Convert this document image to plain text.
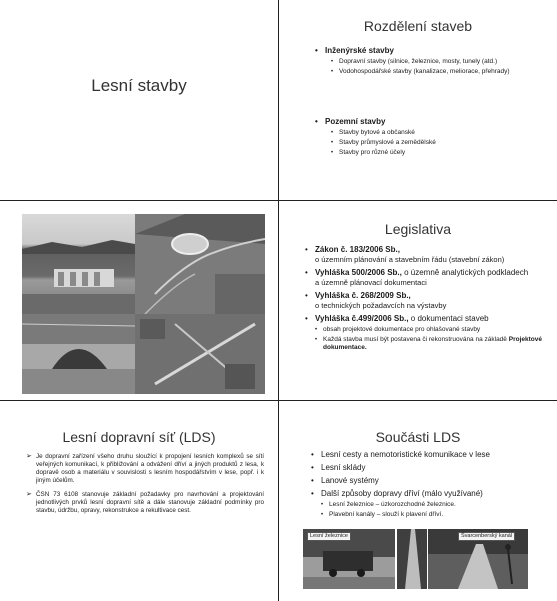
Lesní stavby
Rozdělení staveb
• Inženýrské stavby
• Dopravní stavby (silnice, železnice, mosty, tunely (atd.)
• Vodohospodářské stavby (kanalizace, meliorace, přehrady)
• Pozemní stavby
• Stavby bytové a občanské
• Stavby průmyslové a zemědělské
• Stavby pro různé účely
Legislativa
• Zákon č. 183/2006 Sb.,
o územním plánování a stavebním řádu (stavební zákon)
• Vyhláška 500/2006 Sb., o územně analytických podkladech
a územně plánovací dokumentaci
• Vyhláška č. 268/2009 Sb.,
o technických požadavcích na výstavby
• Vyhláška č.499/2006 Sb., o dokumentaci staveb
• obsah projektové dokumentace pro ohlašované stavby
• Každá stavba musí být postavena či rekonstruována na základě Projektové dokumentace.
Lesní dopravní síť (LDS)
➢ Je dopravní zařízení všeho druhu sloužící k propojení lesních komplexů se sítí veřejných komunikací, k přibližování a odvážení dříví a jiných produktů z lesa, k dopravě osob a materiálu v souvislosti s lesním hospodářstvím v lese, popř. i k jiným účelům.
➢ ČSN 73 6108 stanovuje základní požadavky pro navrhování a projektování jednotlivých prvků lesní dopravní sítě a dále stanovuje základní podmínky pro stavbu, údržbu, opravy, rekonstrukce a rekultivace cest.
Součásti LDS
• Lesní cesty a nemotoristické komunikace v lese
• Lesní sklády
• Lanové systémy
• Další způsoby dopravy dříví (málo využívané)
• Lesní železnice – úzkorozchodné železnice.
• Plavební kanály – slouží k plavení dříví.
Lesní železnice	Švarcenberský kanál
